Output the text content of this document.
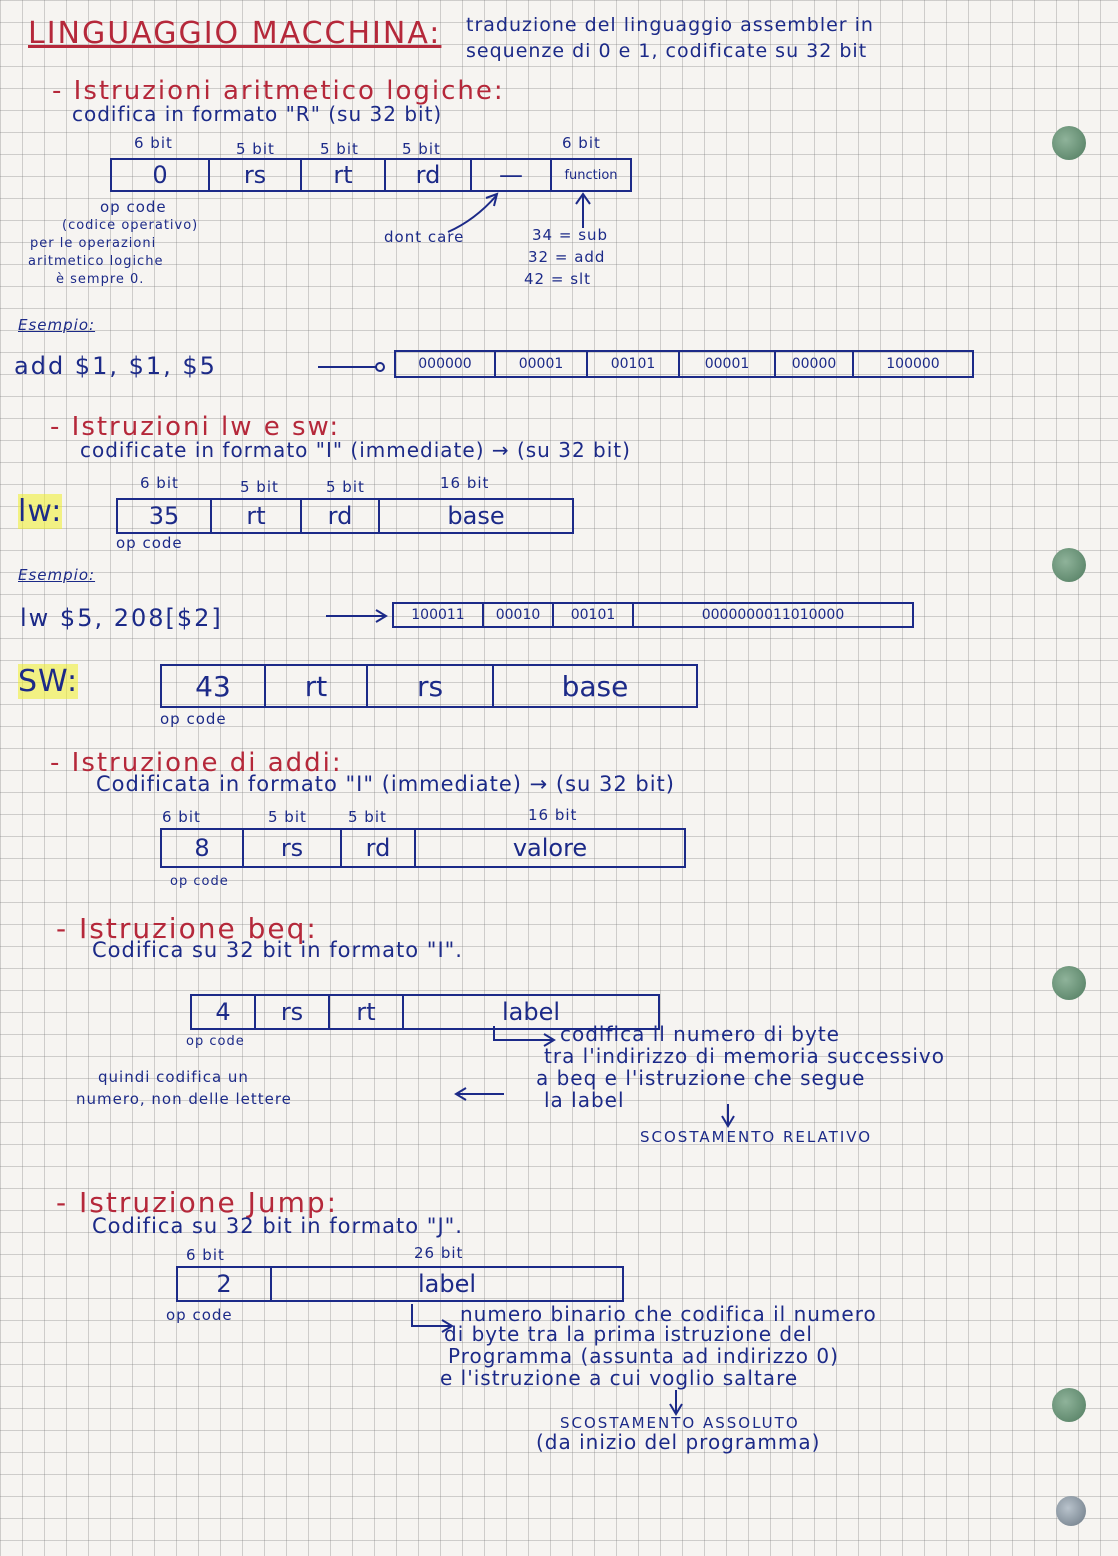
LINGUAGGIO MACCHINA: traduzione del linguaggio assembler in
sequenze di 0 e 1, codificate su 32 bit
- Istruzioni aritmetico logiche:
codifica in formato "R" (su 32 bit)
6 bit	5 bit	5 bit	5 bit	6 bit
0	rs	rt	rd	—	function
op code
(codice operativo)
per le operazioni
aritmetico logiche
è sempre 0.
dont care	34 = sub
32 = add
42 = slt
Esempio:
add $1, $1, $5	000000	00001	00101	00001	00000	100000
- Istruzioni lw e sw:
codificate in formato "I" (immediate) → (su 32 bit)
6 bit	5 bit	5 bit	16 bit
lw:	35	rt	rd	base
op code
Esempio:
lw $5, 208[$2]	100011	00010	00101	0000000011010000
SW:	43	rt	rs	base
op code
- Istruzione di addi:
Codificata in formato "I" (immediate) → (su 32 bit)
6 bit	5 bit	5 bit	16 bit
8	rs	rd	valore
op code
- Istruzione beq:
Codifica su 32 bit in formato "I".
4	rs	rt	label
op code	codifica il numero di byte
tra l'indirizzo di memoria successivo
a beq e l'istruzione che segue
la label
quindi codifica un
numero, non delle lettere
SCOSTAMENTO RELATIVO
- Istruzione Jump:
Codifica su 32 bit in formato "J".
6 bit	26 bit
2	label
op code	numero binario che codifica il numero
di byte tra la prima istruzione del
Programma (assunta ad indirizzo 0)
e l'istruzione a cui voglio saltare
SCOSTAMENTO ASSOLUTO
(da inizio del programma)
